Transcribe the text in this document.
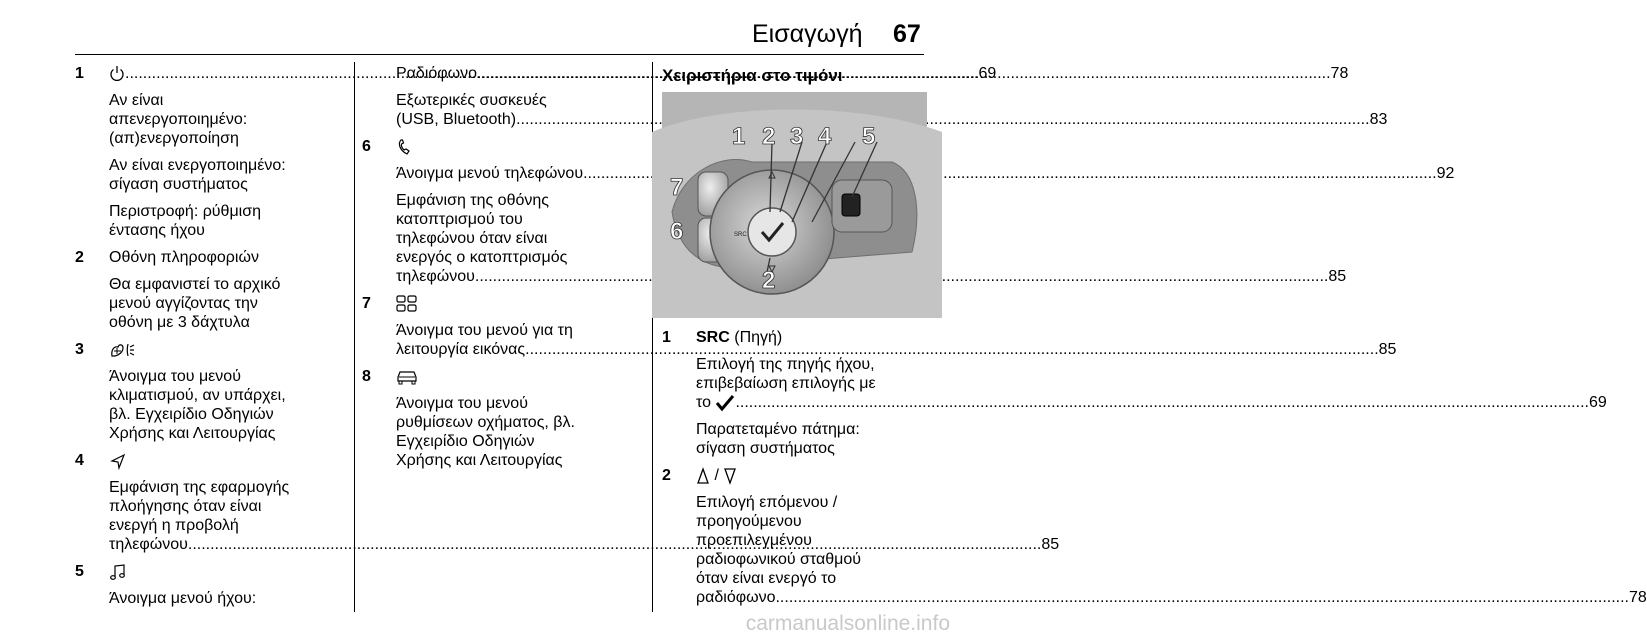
Εισαγωγή 67
1 .....	69
Αν είναι
απενεργοποιημένο:
(απ)ενεργοποίηση
Αν είναι ενεργοποιημένο:
σίγαση συστήματος
Περιστροφή: ρύθμιση
έντασης ήχου
2	Οθόνη πληροφοριών
Θα εμφανιστεί το αρχικό
μενού αγγίζοντας την
οθόνη με 3 δάχτυλα
3
Άνοιγμα του μενού
κλιματισμού, αν υπάρχει,
βλ. Εγχειρίδιο Οδηγιών
Χρήσης και Λειτουργίας
4
Εμφάνιση της εφαρμογής
πλοήγησης όταν είναι
ενεργή η προβολή
τηλεφώνου .....	85
5
Άνοιγμα μενού ήχου:
Ραδιόφωνο .....	78
Εξωτερικές συσκευές
(USB, Bluetooth) .....	83
6
Άνοιγμα μενού τηλεφώνου .....	92
Εμφάνιση της οθόνης
κατοπτρισμού του
τηλεφώνου όταν είναι
ενεργός ο κατοπτρισμός
τηλεφώνου .....	85
7
Άνοιγμα του μενού για τη
λειτουργία εικόνας .....	85
8
Άνοιγμα του μενού
ρυθμίσεων οχήματος, βλ.
Εγχειρίδιο Οδηγιών
Χρήσης και Λειτουργίας
Χειριστήρια στο τιμόνι
SRC
1 2 3 4 5
6
7
2
1	SRC (Πηγή)
Επιλογή της πηγής ήχου,
επιβεβαίωση επιλογής με
το .....	69
Παρατεταμένο πάτημα:
σίγαση συστήματος
2	/
Επιλογή επόμενου /
προηγούμενου
προεπιλεγμένου
ραδιοφωνικού σταθμού
όταν είναι ενεργό το
ραδιόφωνο .....	78
carmanualsonline.info
